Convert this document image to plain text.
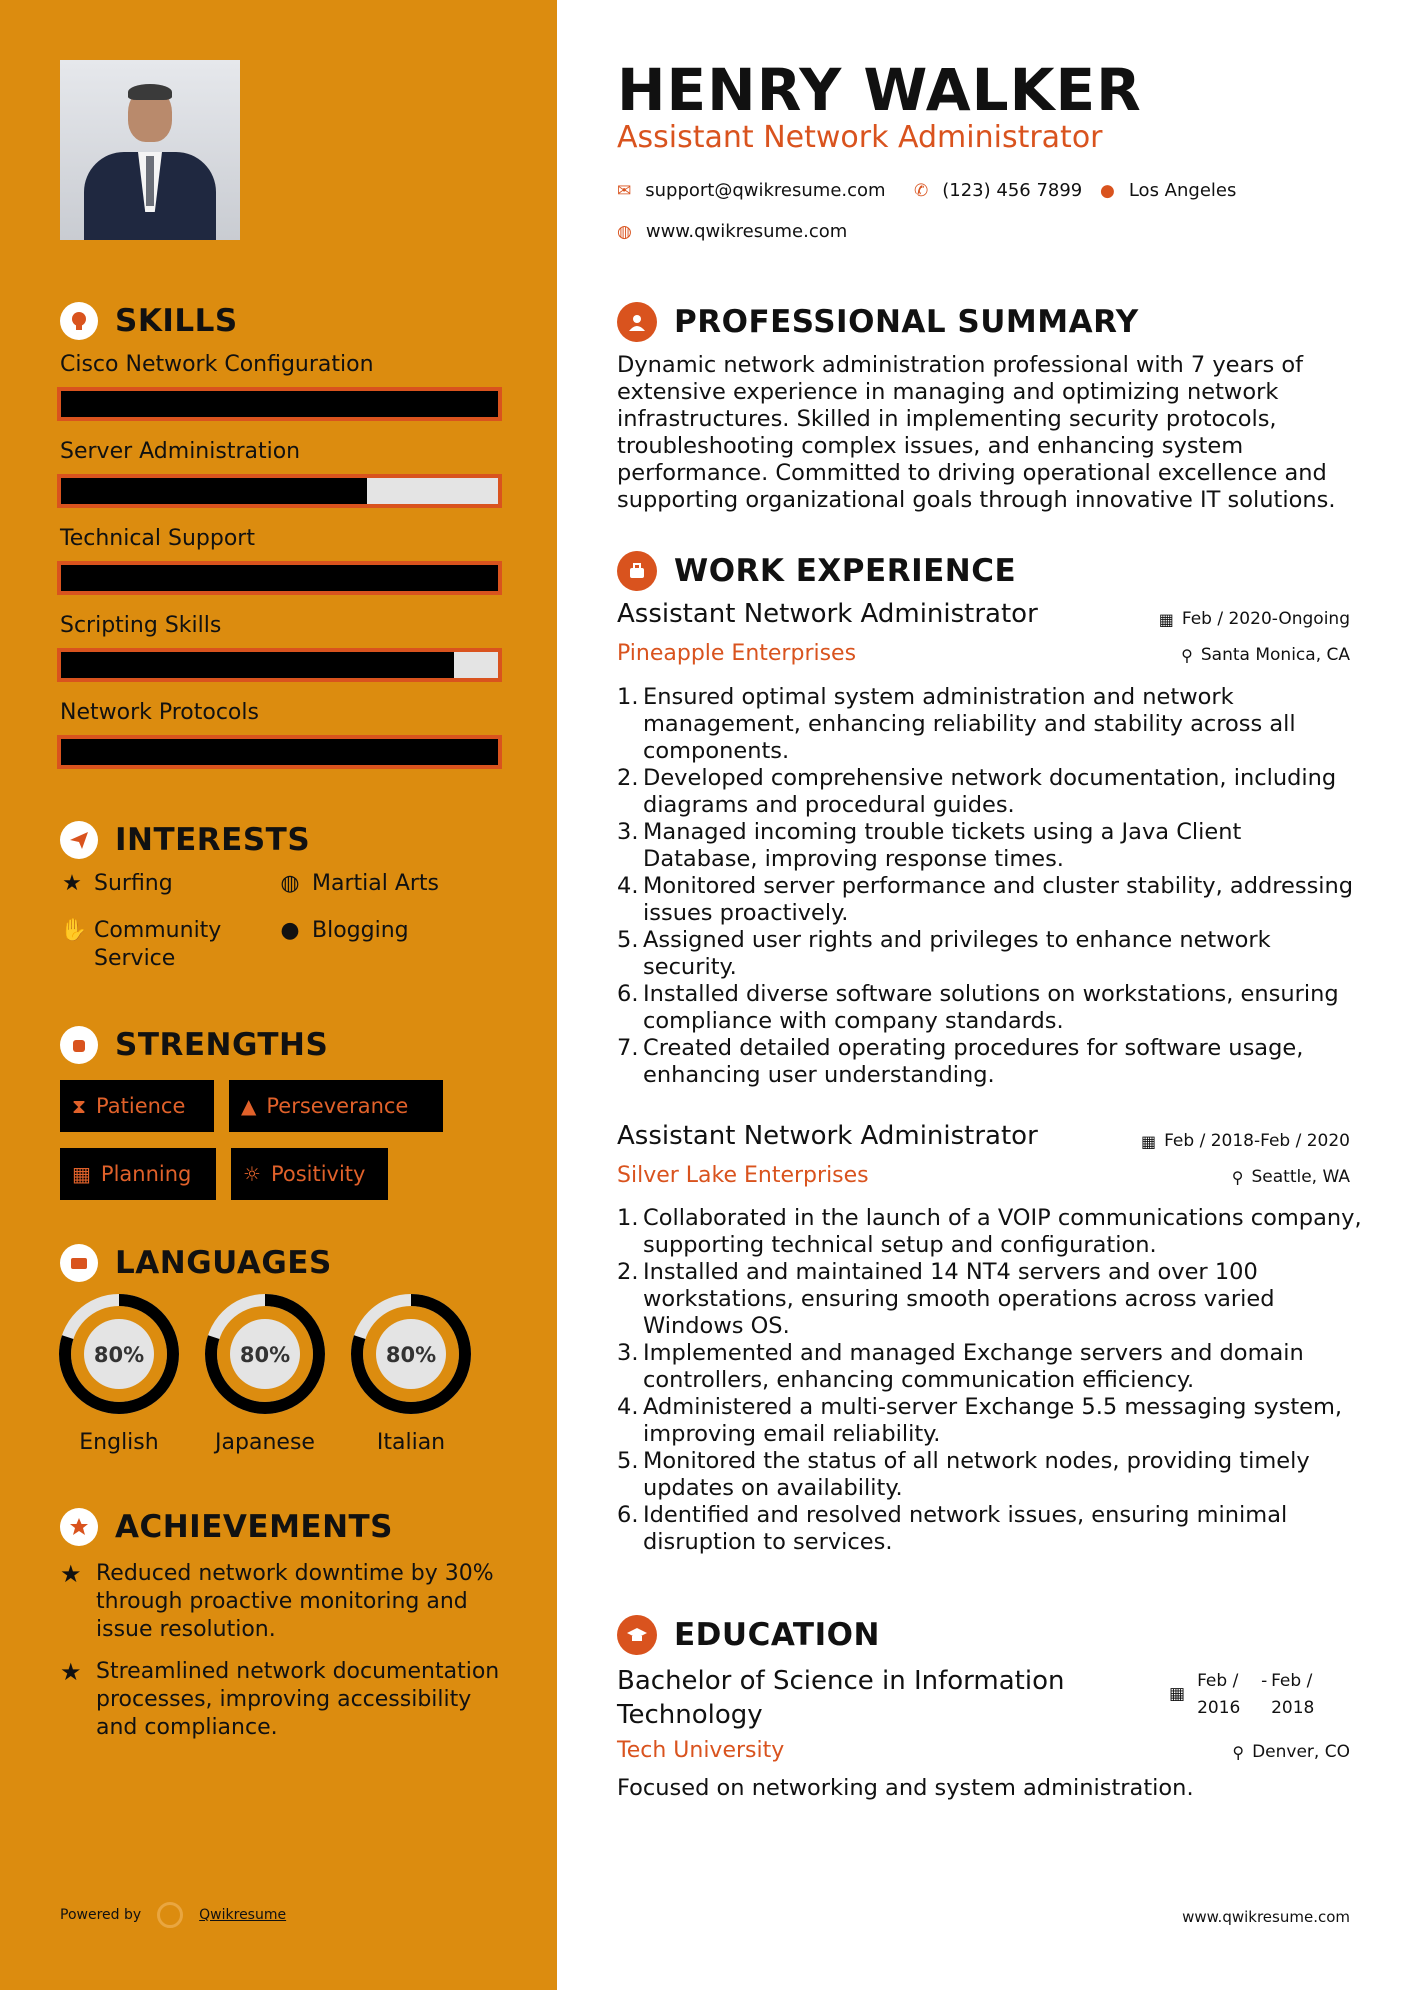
SKILLS
Cisco Network Configuration
Server Administration
Technical Support
Scripting Skills
Network Protocols
INTERESTS
★ Surfing	◍ Martial Arts
✋ Community Service
● Blogging
STRENGTHS
⧗ Patience	▲ Perseverance
▦ Planning	☼ Positivity
LANGUAGES
80%
English
80%
Japanese
80%
Italian
ACHIEVEMENTS
★ Reduced network downtime by 30% through proactive monitoring and issue resolution.
★ Streamlined network documentation processes, improving accessibility and compliance.
Powered by	Qwikresume
HENRY WALKER
Assistant Network Administrator
✉ support@qwikresume.com ✆ (123) 456 7899 ● Los Angeles
◍ www.qwikresume.com
PROFESSIONAL SUMMARY
Dynamic network administration professional with 7 years of extensive experience in managing and optimizing network infrastructures. Skilled in implementing security protocols, troubleshooting complex issues, and enhancing system performance. Committed to driving operational excellence and supporting organizational goals through innovative IT solutions.
WORK EXPERIENCE
Assistant Network Administrator	▦ Feb / 2020-Ongoing
Pineapple Enterprises	⚲ Santa Monica, CA
1. Ensured optimal system administration and network management, enhancing reliability and stability across all components.
2. Developed comprehensive network documentation, including diagrams and procedural guides.
3. Managed incoming trouble tickets using a Java Client Database, improving response times.
4. Monitored server performance and cluster stability, addressing issues proactively.
5. Assigned user rights and privileges to enhance network security.
6. Installed diverse software solutions on workstations, ensuring compliance with company standards.
7. Created detailed operating procedures for software usage, enhancing user understanding.
Assistant Network Administrator	▦ Feb / 2018-Feb / 2020
Silver Lake Enterprises	⚲ Seattle, WA
1. Collaborated in the launch of a VOIP communications company, supporting technical setup and configuration.
2. Installed and maintained 14 NT4 servers and over 100 workstations, ensuring smooth operations across varied Windows OS.
3. Implemented and managed Exchange servers and domain controllers, enhancing communication efficiency.
4. Administered a multi-server Exchange 5.5 messaging system, improving email reliability.
5. Monitored the status of all network nodes, providing timely updates on availability.
6. Identified and resolved network issues, ensuring minimal disruption to services.
EDUCATION
Bachelor of Science in Information Technology
▦
Feb / 2016
- Feb / 2018
Tech University	⚲ Denver, CO
Focused on networking and system administration.
www.qwikresume.com
